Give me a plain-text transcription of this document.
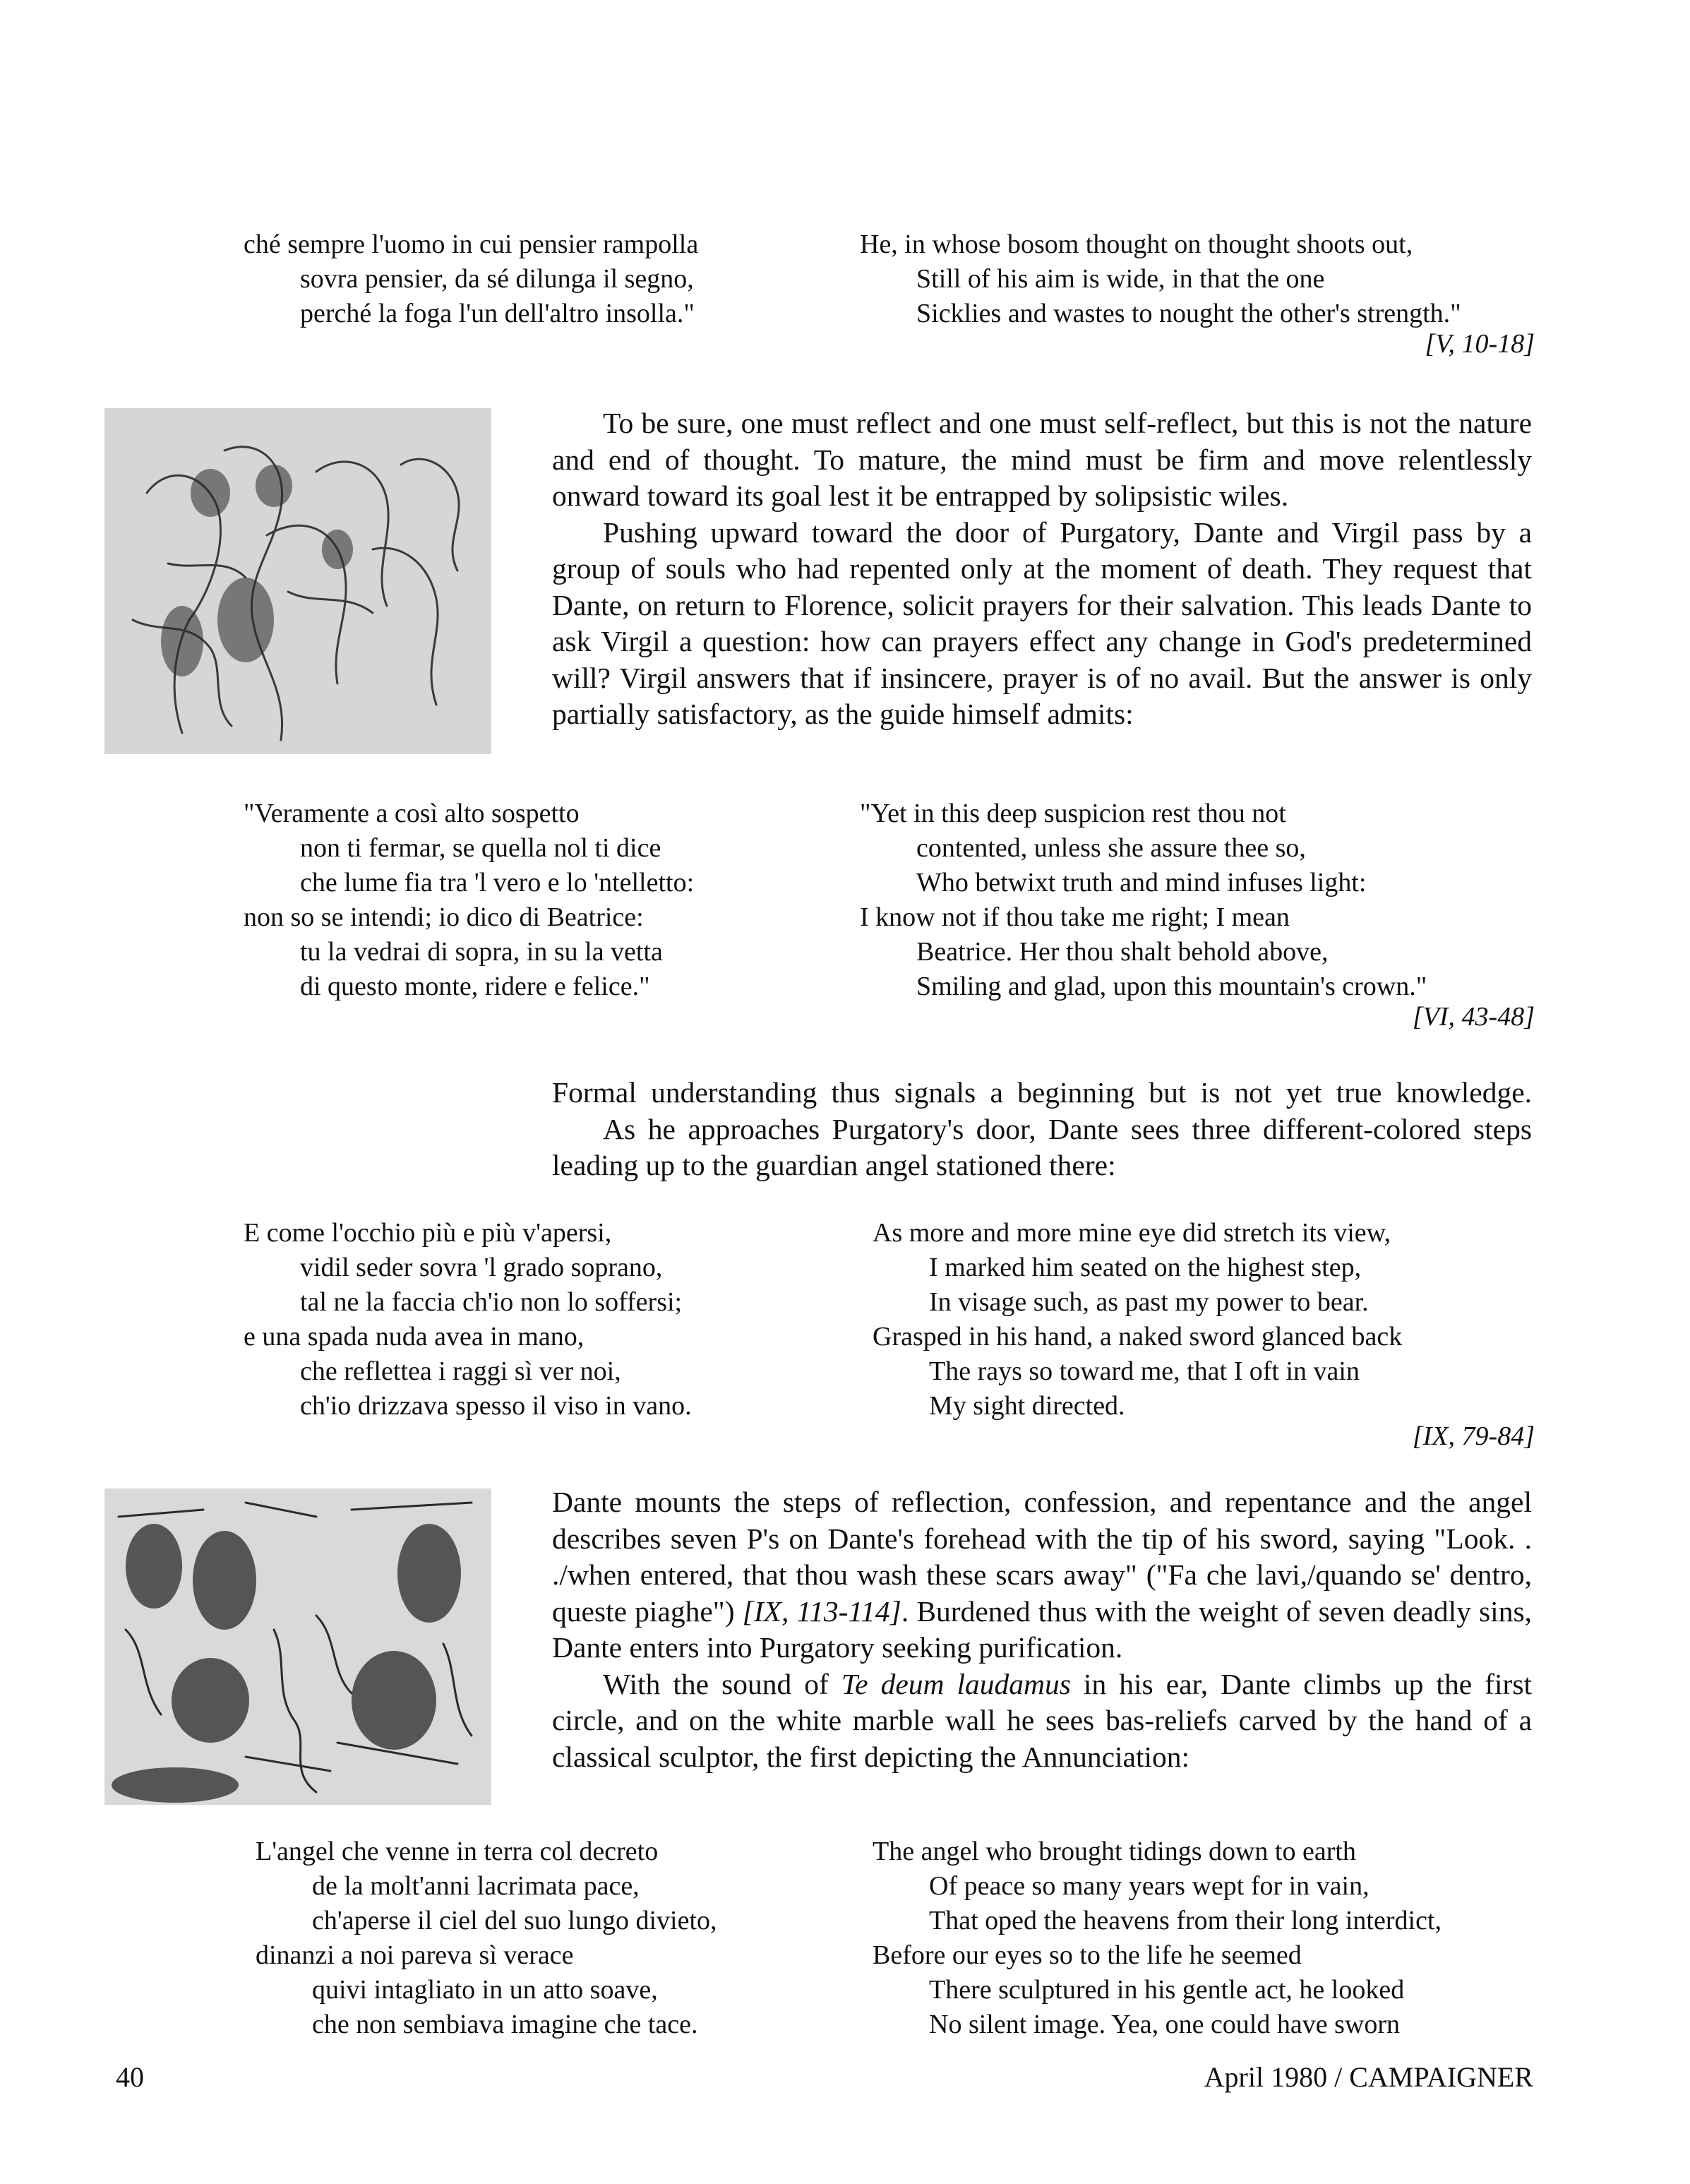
ché sempre l'uomo in cui pensier rampolla
sovra pensier, da sé dilunga il segno,
perché la foga l'un dell'altro insolla."
He, in whose bosom thought on thought shoots out,
Still of his aim is wide, in that the one
Sicklies and wastes to nought the other's strength."
[V, 10-18]

To be sure, one must reflect and one must self-reflect, but this is not the nature and end of thought. To mature, the mind must be firm and move relentlessly onward toward its goal lest it be entrapped by solipsistic wiles.

Pushing upward toward the door of Purgatory, Dante and Virgil pass by a group of souls who had repented only at the moment of death. They request that Dante, on return to Florence, solicit prayers for their salvation. This leads Dante to ask Virgil a question: how can prayers effect any change in God's predetermined will? Virgil answers that if insincere, prayer is of no avail. But the answer is only partially satisfactory, as the guide himself admits:

"Veramente a così alto sospetto
non ti fermar, se quella nol ti dice
che lume fia tra 'l vero e lo 'ntelletto:
non so se intendi; io dico di Beatrice:
tu la vedrai di sopra, in su la vetta
di questo monte, ridere e felice."
"Yet in this deep suspicion rest thou not
contented, unless she assure thee so,
Who betwixt truth and mind infuses light:
I know not if thou take me right; I mean
Beatrice. Her thou shalt behold above,
Smiling and glad, upon this mountain's crown."
[VI, 43-48]

Formal understanding thus signals a beginning but is not yet true knowledge.

As he approaches Purgatory's door, Dante sees three different-colored steps leading up to the guardian angel stationed there:

E come l'occhio più e più v'apersi,
vidil seder sovra 'l grado soprano,
tal ne la faccia ch'io non lo soffersi;
e una spada nuda avea in mano,
che reflettea i raggi sì ver noi,
ch'io drizzava spesso il viso in vano.
As more and more mine eye did stretch its view,
I marked him seated on the highest step,
In visage such, as past my power to bear.
Grasped in his hand, a naked sword glanced back
The rays so toward me, that I oft in vain
My sight directed.
[IX, 79-84]

Dante mounts the steps of reflection, confession, and repentance and the angel describes seven P's on Dante's forehead with the tip of his sword, saying "Look. . ./when entered, that thou wash these scars away" ("Fa che lavi,/quando se' dentro, queste piaghe") [IX, 113-114]. Burdened thus with the weight of seven deadly sins, Dante enters into Purgatory seeking purification.

With the sound of Te deum laudamus in his ear, Dante climbs up the first circle, and on the white marble wall he sees bas-reliefs carved by the hand of a classical sculptor, the first depicting the Annunciation:

L'angel che venne in terra col decreto
de la molt'anni lacrimata pace,
ch'aperse il ciel del suo lungo divieto,
dinanzi a noi pareva sì verace
quivi intagliato in un atto soave,
che non sembiava imagine che tace.
The angel who brought tidings down to earth
Of peace so many years wept for in vain,
That oped the heavens from their long interdict,
Before our eyes so to the life he seemed
There sculptured in his gentle act, he looked
No silent image. Yea, one could have sworn
40	April 1980 / CAMPAIGNER
